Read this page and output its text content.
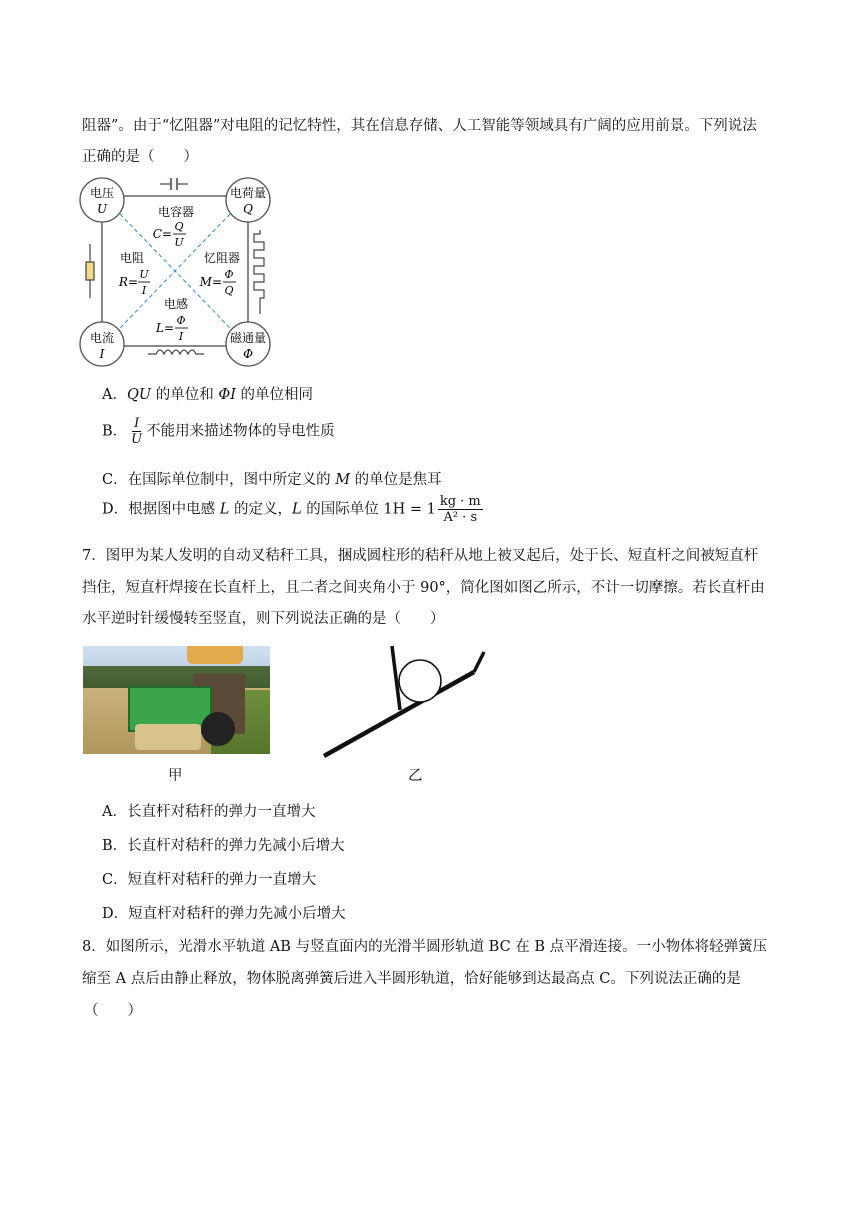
阻器”。由于“忆阻器”对电阻的记忆特性，其在信息存储、人工智能等领域具有广阔的应用前景。下列说法
正确的是（　　）
电压
U
电荷量
Q
电流
I
磁通量
Φ
电容器
C=
Q
U
电阻
R=
U
I
忆阻器
M=
Φ
Q
电感
L=
Φ
I
A．QU 的单位和 ΦI 的单位相同
B． $\frac{I}{U}$ 不能用来描述物体的导电性质
C．在国际单位制中，图中所定义的 M 的单位是焦耳
D．根据图中电感 L 的定义，L 的国际单位 $1H = 1 \frac{kg \cdot m}{\text{A² · s}}$
7．图甲为某人发明的自动叉秸秆工具，捆成圆柱形的秸秆从地上被叉起后，处于长、短直杆之间被短直杆
挡住，短直杆焊接在长直杆上，且二者之间夹角小于 90°，简化图如图乙所示，不计一切摩擦。若长直杆由
水平逆时针缓慢转至竖直，则下列说法正确的是（　　）
甲	乙
A．长直杆对秸秆的弹力一直增大
B．长直杆对秸秆的弹力先减小后增大
C．短直杆对秸秆的弹力一直增大
D．短直杆对秸秆的弹力先减小后增大
8．如图所示，光滑水平轨道 AB 与竖直面内的光滑半圆形轨道 BC 在 B 点平滑连接。一小物体将轻弹簧压
缩至 A 点后由静止释放，物体脱离弹簧后进入半圆形轨道，恰好能够到达最高点 C。下列说法正确的是
（　　）
